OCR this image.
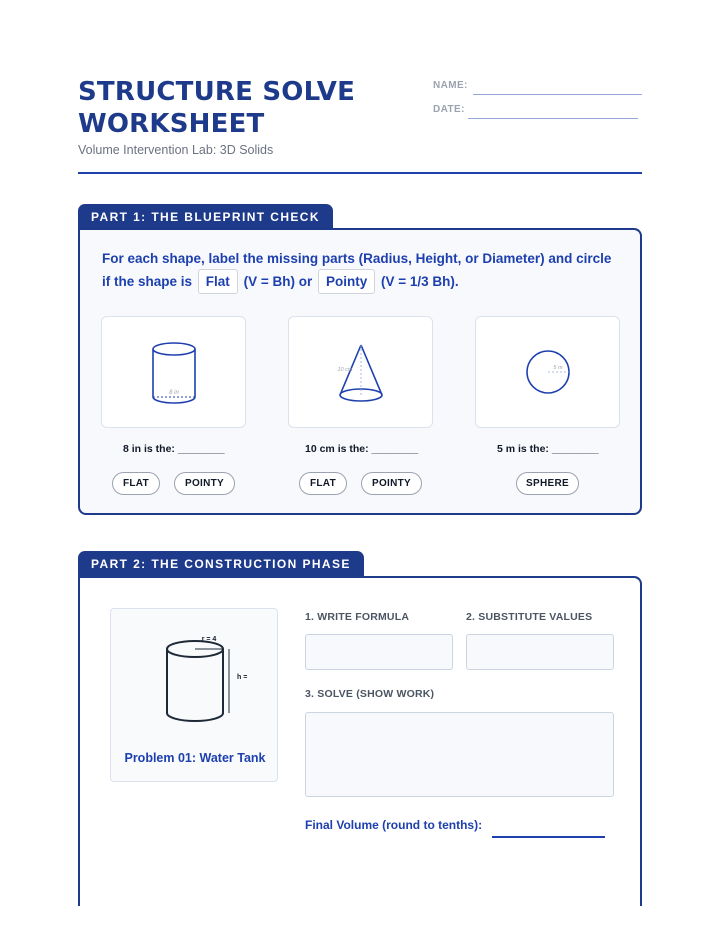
STRUCTURE SOLVE
WORKSHEET
Volume Intervention Lab: 3D Solids
NAME:
DATE:
PART 1: THE BLUEPRINT CHECK
For each shape, label the missing parts (Radius, Height, or Diameter) and circle if the shape is Flat (V = Bh) or Pointy (V = 1/3 Bh).
8 in
8 in is the: ________
FLAT	POINTY
10 cm
10 cm is the: ________
FLAT	POINTY
5 m
5 m is the: ________
SPHERE
PART 2: THE CONSTRUCTION PHASE
r = 4
h =
Problem 01: Water Tank
1. WRITE FORMULA	2. SUBSTITUTE VALUES
3. SOLVE (SHOW WORK)
Final Volume (round to tenths):
